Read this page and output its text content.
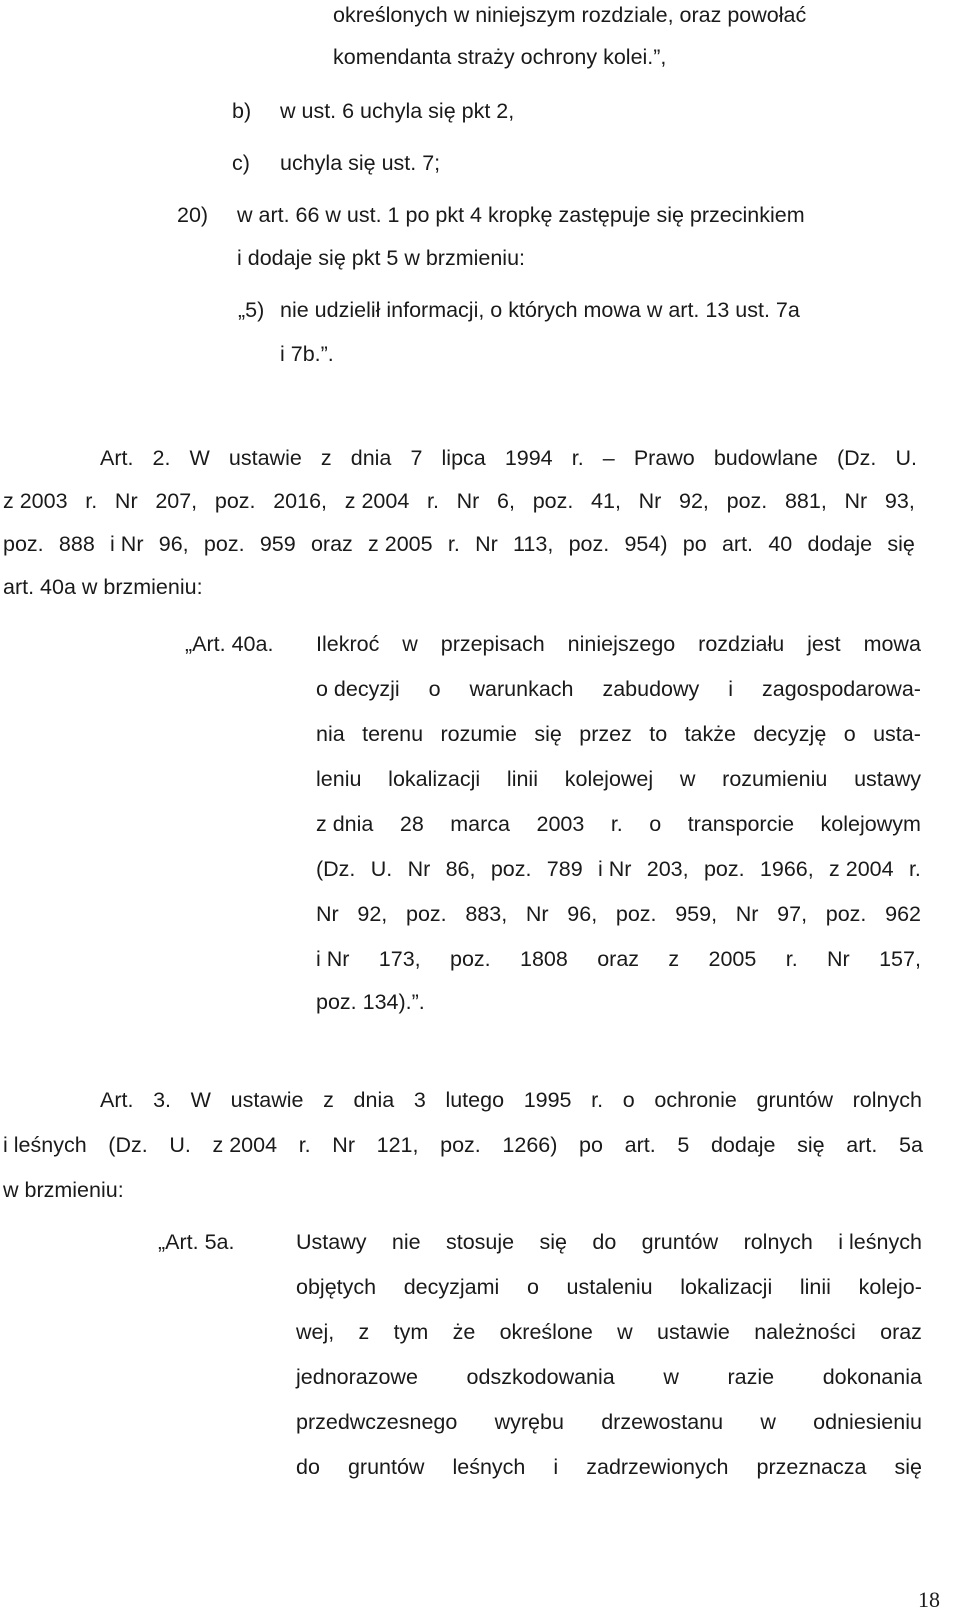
określonych w niniejszym rozdziale, oraz powołać
komendanta straży ochrony kolei.”,
b) w ust. 6 uchyla się pkt 2,
c) uchyla się ust. 7;
20) w art. 66 w ust. 1 po pkt 4 kropkę zastępuje się przecinkiem
i dodaje się pkt 5 w brzmieniu:
„5) nie udzielił informacji, o których mowa w art. 13 ust. 7a
i 7b.”.
Art. 2. W ustawie z dnia 7 lipca 1994 r. – Prawo budowlane (Dz. U.
z 2003 r. Nr 207, poz. 2016, z 2004 r. Nr 6, poz. 41, Nr 92, poz. 881, Nr 93,
poz. 888 i Nr 96, poz. 959 oraz z 2005 r. Nr 113, poz. 954) po art. 40 dodaje się
art. 40a w brzmieniu:
„Art. 40a. Ilekroć w przepisach niniejszego rozdziału jest mowa
o decyzji o warunkach zabudowy i zagospodarowa-
nia terenu rozumie się przez to także decyzję o usta-
leniu lokalizacji linii kolejowej w rozumieniu ustawy
z dnia 28 marca 2003 r. o transporcie kolejowym
(Dz. U. Nr 86, poz. 789 i Nr 203, poz. 1966, z 2004 r.
Nr 92, poz. 883, Nr 96, poz. 959, Nr 97, poz. 962
i Nr 173, poz. 1808 oraz z 2005 r. Nr 157,
poz. 134).”.
Art. 3. W ustawie z dnia 3 lutego 1995 r. o ochronie gruntów rolnych
i leśnych (Dz. U. z 2004 r. Nr 121, poz. 1266) po art. 5 dodaje się art. 5a
w brzmieniu:
„Art. 5a.	Ustawy nie stosuje się do gruntów rolnych i leśnych
objętych decyzjami o ustaleniu lokalizacji linii kolejo-
wej, z tym że określone w ustawie należności oraz
jednorazowe odszkodowania w razie dokonania
przedwczesnego wyrębu drzewostanu w odniesieniu
do gruntów leśnych i zadrzewionych przeznacza się
18
